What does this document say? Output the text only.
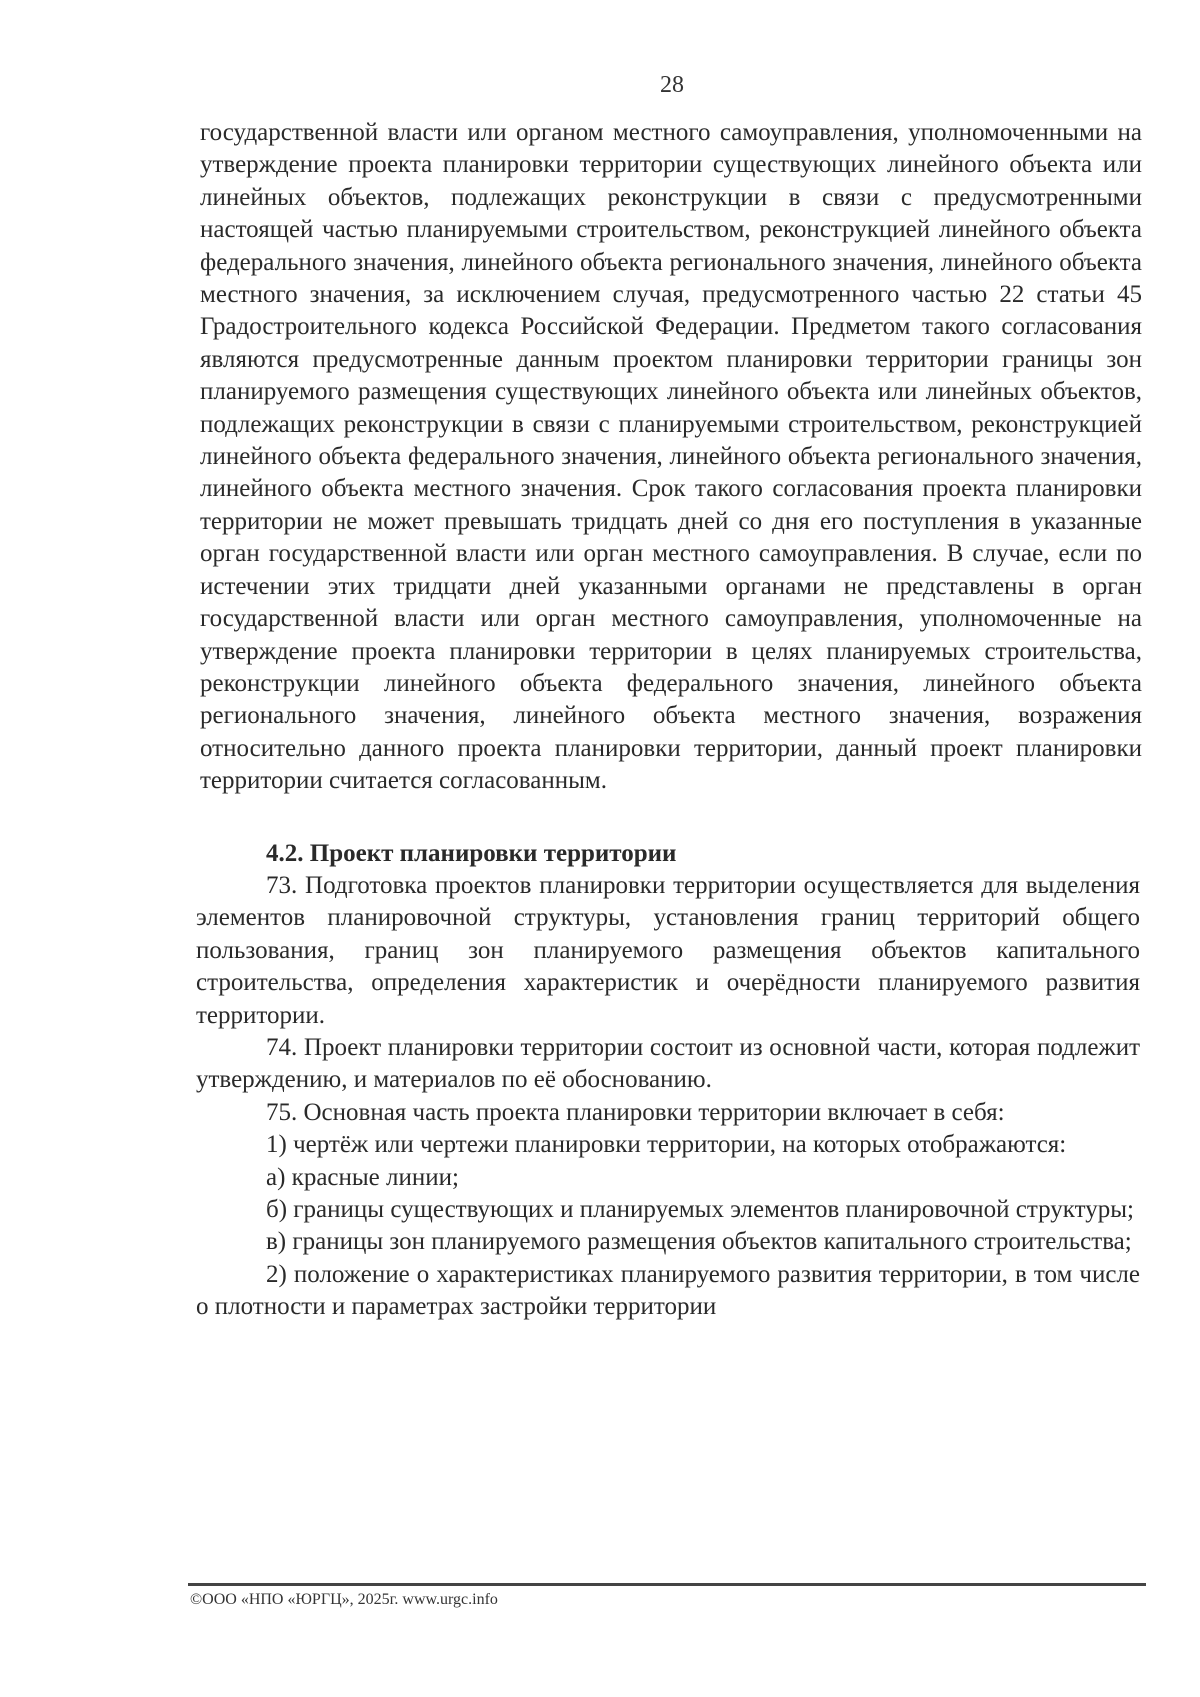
28

государственной власти или органом местного самоуправления, уполномоченными на утверждение проекта планировки территории существующих линейного объекта или линейных объектов, подлежащих реконструкции в связи с предусмотренными настоящей частью планируемыми строительством, реконструкцией линейного объекта федерального значения, линейного объекта регионального значения, линейного объекта местного значения, за исключением случая, предусмотренного частью 22 статьи 45 Градостроительного кодекса Российской Федерации. Предметом такого согласования являются предусмотренные данным проектом планировки территории границы зон планируемого размещения существующих линейного объекта или линейных объектов, подлежащих реконструкции в связи с планируемыми строительством, реконструкцией линейного объекта федерального значения, линейного объекта регионального значения, линейного объекта местного значения. Срок такого согласования проекта планировки территории не может превышать тридцать дней со дня его поступления в указанные орган государственной власти или орган местного самоуправления. В случае, если по истечении этих тридцати дней указанными органами не представлены в орган государственной власти или орган местного самоуправления, уполномоченные на утверждение проекта планировки территории в целях планируемых строительства, реконструкции линейного объекта федерального значения, линейного объекта регионального значения, линейного объекта местного значения, возражения относительно данного проекта планировки территории, данный проект планировки территории считается согласованным.

4.2. Проект планировки территории

73. Подготовка проектов планировки территории осуществляется для выделения элементов планировочной структуры, установления границ территорий общего пользования, границ зон планируемого размещения объектов капитального строительства, определения характеристик и очерёдности планируемого развития территории.

74. Проект планировки территории состоит из основной части, которая подлежит утверждению, и материалов по её обоснованию.

75. Основная часть проекта планировки территории включает в себя:

1) чертёж или чертежи планировки территории, на которых отображаются:

а) красные линии;

б) границы существующих и планируемых элементов планировочной структуры;

в) границы зон планируемого размещения объектов капитального строительства;

2) положение о характеристиках планируемого развития территории, в том числе о плотности и параметрах застройки территории

©ООО «НПО «ЮРГЦ», 2025г. www.urgc.info
